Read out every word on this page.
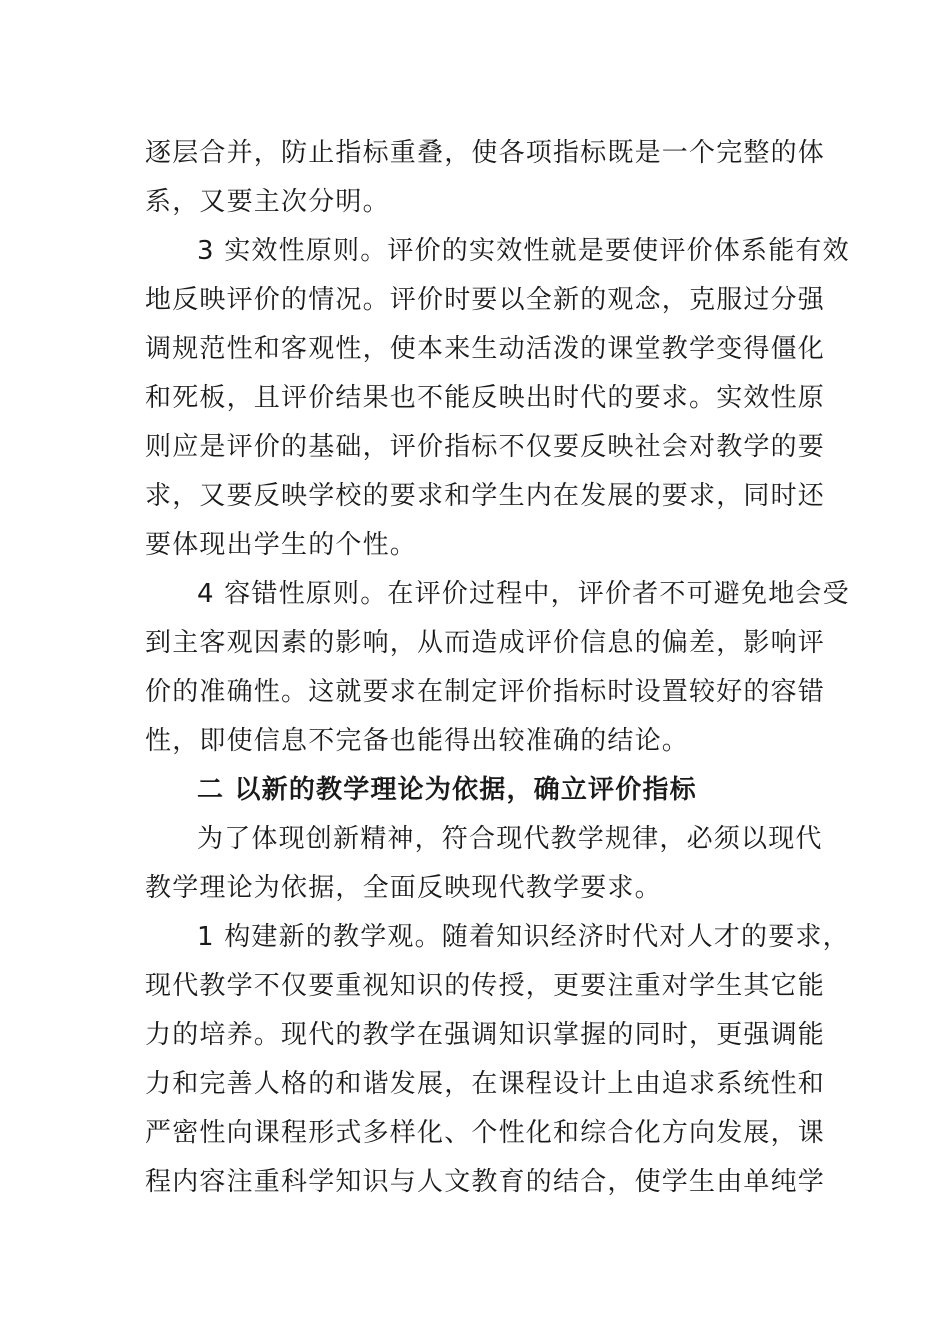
逐层合并，防止指标重叠，使各项指标既是一个完整的体
系，又要主次分明。
3 实效性原则。评价的实效性就是要使评价体系能有效
地反映评价的情况。评价时要以全新的观念，克服过分强
调规范性和客观性，使本来生动活泼的课堂教学变得僵化
和死板，且评价结果也不能反映出时代的要求。实效性原
则应是评价的基础，评价指标不仅要反映社会对教学的要
求，又要反映学校的要求和学生内在发展的要求，同时还
要体现出学生的个性。
4 容错性原则。在评价过程中，评价者不可避免地会受
到主客观因素的影响，从而造成评价信息的偏差，影响评
价的准确性。这就要求在制定评价指标时设置较好的容错
性，即使信息不完备也能得出较准确的结论。
二 以新的教学理论为依据，确立评价指标
为了体现创新精神，符合现代教学规律，必须以现代
教学理论为依据，全面反映现代教学要求。
1 构建新的教学观。随着知识经济时代对人才的要求，
现代教学不仅要重视知识的传授，更要注重对学生其它能
力的培养。现代的教学在强调知识掌握的同时，更强调能
力和完善人格的和谐发展，在课程设计上由追求系统性和
严密性向课程形式多样化、个性化和综合化方向发展，课
程内容注重科学知识与人文教育的结合，使学生由单纯学
